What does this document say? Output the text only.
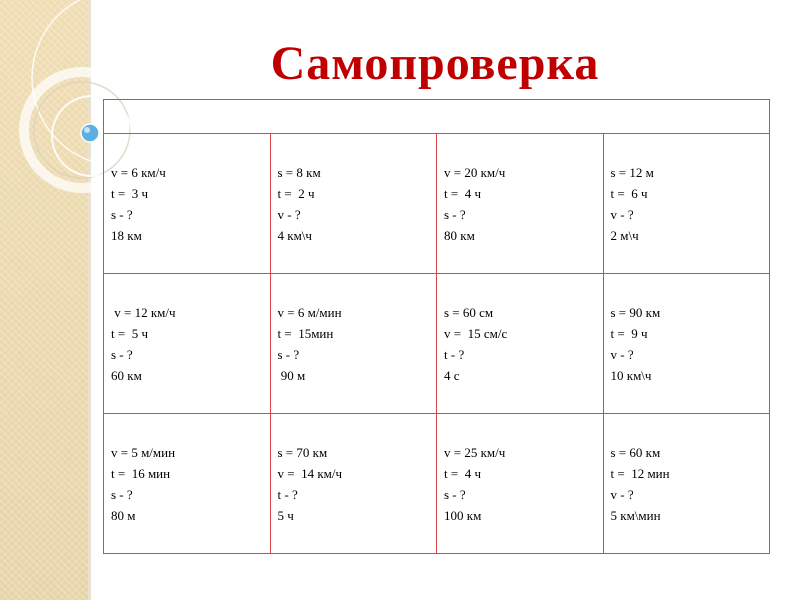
Самопроверка

v = 6 км/ч
t =  3 ч
s - ?
18 км	s = 8 км
t =  2 ч
v - ?
4 км\ч	v = 20 км/ч
t =  4 ч
s - ?
80 км	s = 12 м
t =  6 ч
v - ?
2 м\ч

v = 12 км/ч
t =  5 ч
s - ?
60 км	v = 6 м/мин
t =  15мин
s - ?
90 м	s = 60 см
v =  15 см/с
t - ?
4 с	s = 90 км
t =  9 ч
v - ?
10 км\ч

v = 5 м/мин
t =  16 мин
s - ?
80 м	s = 70 км
v =  14 км/ч
t - ?
5 ч	v = 25 км/ч
t =  4 ч
s - ?
100 км	s = 60 км
t =  12 мин
v - ?
5 км\мин
